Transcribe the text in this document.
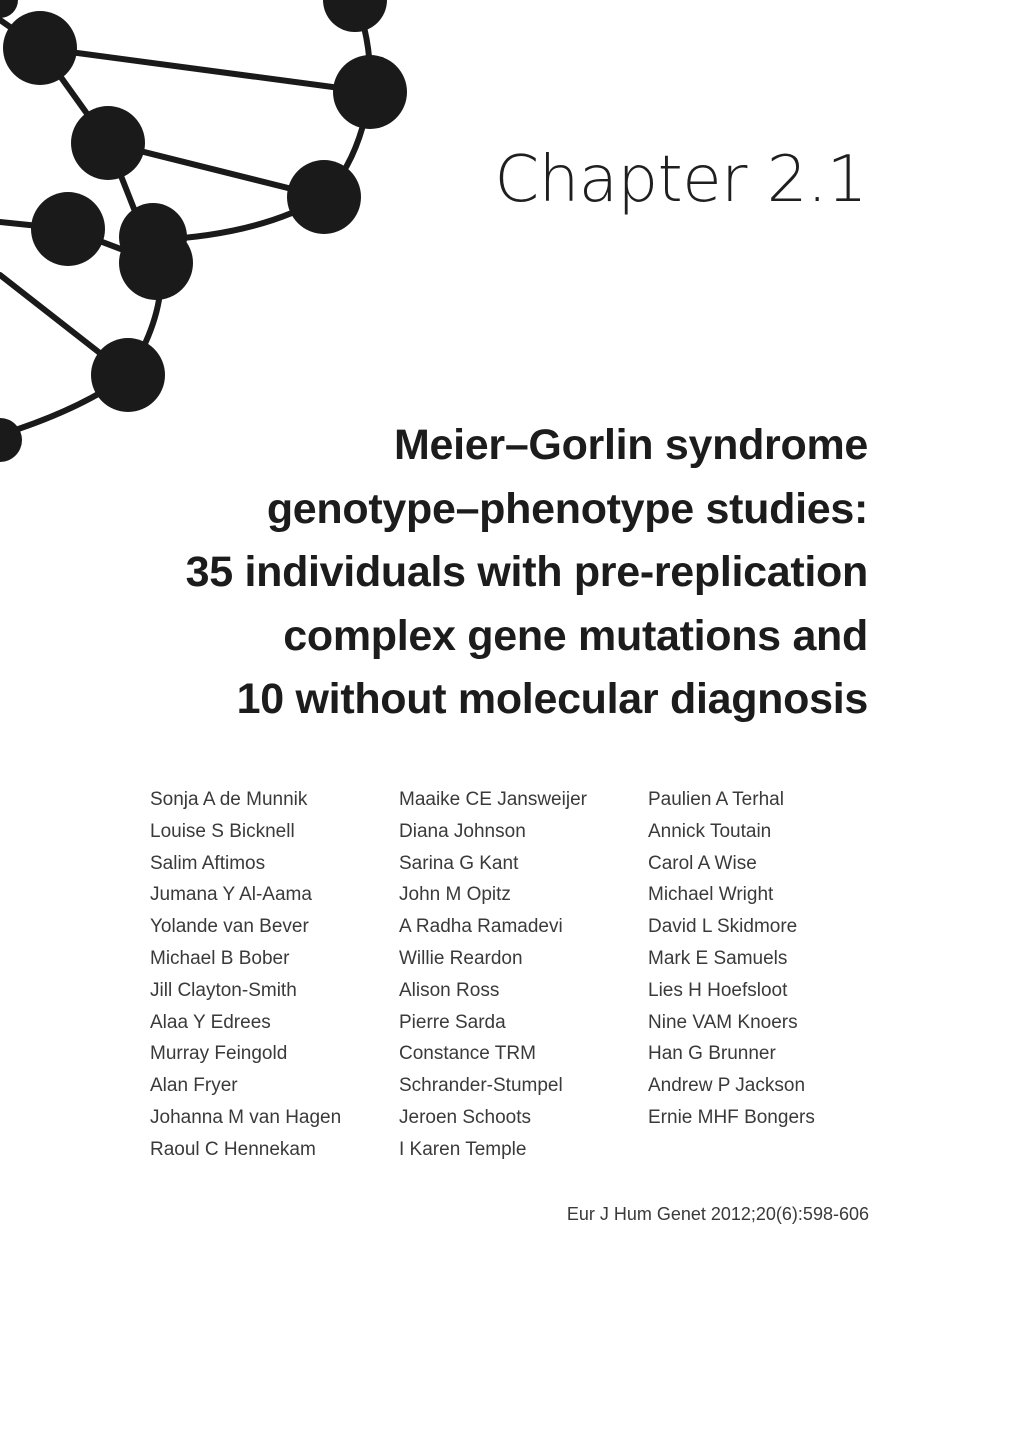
Chapter 2.1
Meier–Gorlin syndrome
genotype–phenotype studies:
35 individuals with pre-replication
complex gene mutations and
10 without molecular diagnosis
Sonja A de Munnik
Louise S Bicknell
Salim Aftimos
Jumana Y Al-Aama
Yolande van Bever
Michael B Bober
Jill Clayton-Smith
Alaa Y Edrees
Murray Feingold
Alan Fryer
Johanna M van Hagen
Raoul C Hennekam
Maaike CE Jansweijer
Diana Johnson
Sarina G Kant
John M Opitz
A Radha Ramadevi
Willie Reardon
Alison Ross
Pierre Sarda
Constance TRM
Schrander-Stumpel
Jeroen Schoots
I Karen Temple
Paulien A Terhal
Annick Toutain
Carol A Wise
Michael Wright
David L Skidmore
Mark E Samuels
Lies H Hoefsloot
Nine VAM Knoers
Han G Brunner
Andrew P Jackson
Ernie MHF Bongers
Eur J Hum Genet 2012;20(6):598-606
